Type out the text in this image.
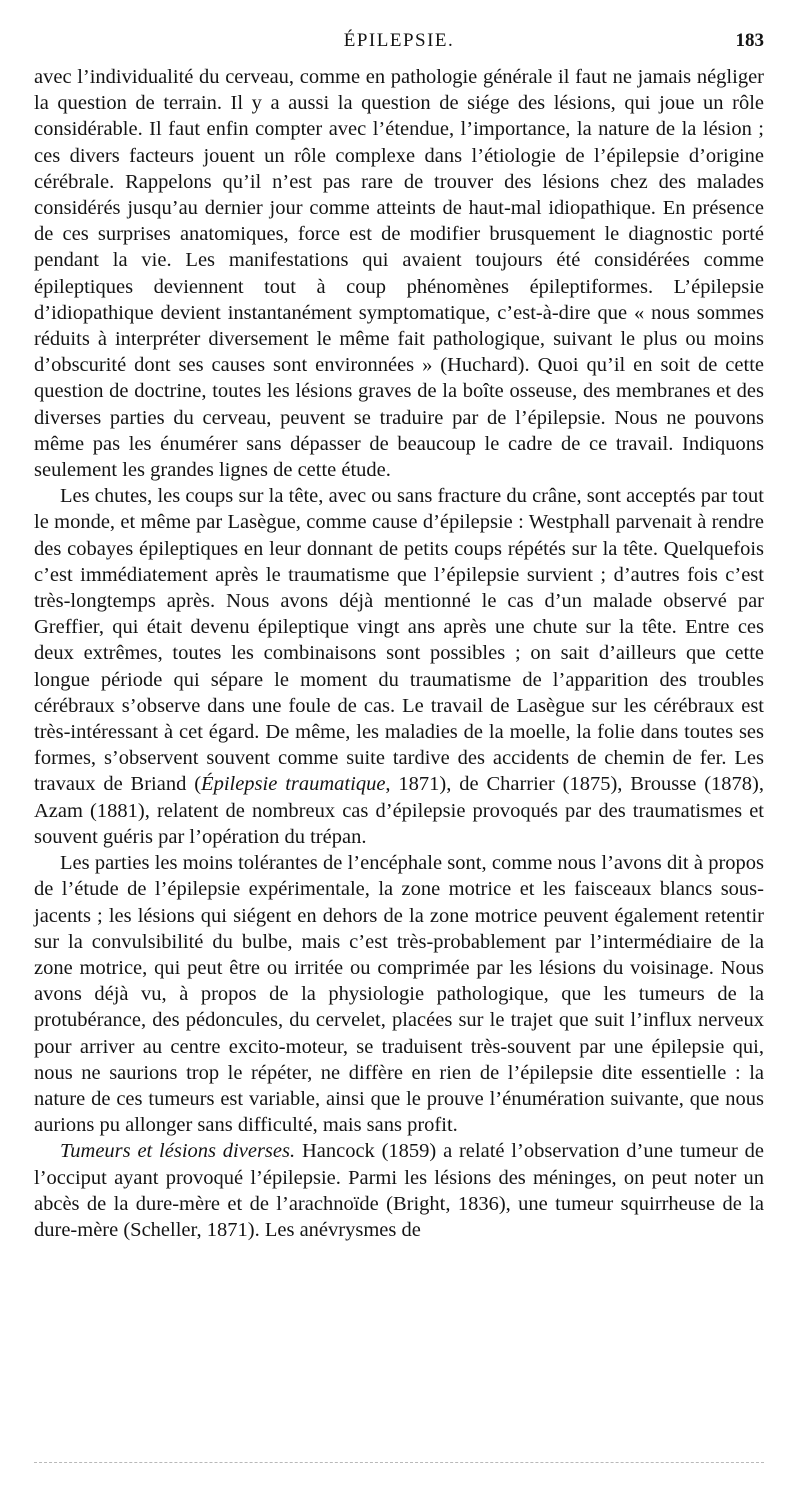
ÉPILEPSIE.	183

avec l’individualité du cerveau, comme en pathologie générale il faut ne jamais négliger la question de terrain. Il y a aussi la question de siége des lésions, qui joue un rôle considérable. Il faut enfin compter avec l’étendue, l’importance, la nature de la lésion ; ces divers facteurs jouent un rôle complexe dans l’étiologie de l’épilepsie d’origine cérébrale. Rappelons qu’il n’est pas rare de trouver des lésions chez des malades considérés jusqu’au dernier jour comme atteints de haut-mal idiopathique. En présence de ces surprises anatomiques, force est de modifier brusquement le diagnostic porté pendant la vie. Les manifestations qui avaient toujours été considérées comme épileptiques deviennent tout à coup phénomènes épileptiformes. L’épilepsie d’idiopathique devient instantanément symptomatique, c’est-à-dire que « nous sommes réduits à interpréter diversement le même fait pathologique, suivant le plus ou moins d’obscurité dont ses causes sont environnées » (Huchard). Quoi qu’il en soit de cette question de doctrine, toutes les lésions graves de la boîte osseuse, des membranes et des diverses parties du cerveau, peuvent se traduire par de l’épilepsie. Nous ne pouvons même pas les énumérer sans dépasser de beaucoup le cadre de ce travail. Indiquons seulement les grandes lignes de cette étude.

Les chutes, les coups sur la tête, avec ou sans fracture du crâne, sont acceptés par tout le monde, et même par Lasègue, comme cause d’épilepsie : Westphall parvenait à rendre des cobayes épileptiques en leur donnant de petits coups répétés sur la tête. Quelquefois c’est immédiatement après le traumatisme que l’épilepsie survient ; d’autres fois c’est très-longtemps après. Nous avons déjà mentionné le cas d’un malade observé par Greffier, qui était devenu épileptique vingt ans après une chute sur la tête. Entre ces deux extrêmes, toutes les combinaisons sont possibles ; on sait d’ailleurs que cette longue période qui sépare le moment du traumatisme de l’apparition des troubles cérébraux s’observe dans une foule de cas. Le travail de Lasègue sur les cérébraux est très-intéressant à cet égard. De même, les maladies de la moelle, la folie dans toutes ses formes, s’observent souvent comme suite tardive des accidents de chemin de fer. Les travaux de Briand (Épilepsie traumatique, 1871), de Charrier (1875), Brousse (1878), Azam (1881), relatent de nombreux cas d’épilepsie provoqués par des traumatismes et souvent guéris par l’opération du trépan.

Les parties les moins tolérantes de l’encéphale sont, comme nous l’avons dit à propos de l’étude de l’épilepsie expérimentale, la zone motrice et les faisceaux blancs sous-jacents ; les lésions qui siégent en dehors de la zone motrice peuvent également retentir sur la convulsibilité du bulbe, mais c’est très-probablement par l’intermédiaire de la zone motrice, qui peut être ou irritée ou comprimée par les lésions du voisinage. Nous avons déjà vu, à propos de la physiologie pathologique, que les tumeurs de la protubérance, des pédoncules, du cervelet, placées sur le trajet que suit l’influx nerveux pour arriver au centre excito-moteur, se traduisent très-souvent par une épilepsie qui, nous ne saurions trop le répéter, ne diffère en rien de l’épilepsie dite essentielle : la nature de ces tumeurs est variable, ainsi que le prouve l’énumération suivante, que nous aurions pu allonger sans difficulté, mais sans profit.

Tumeurs et lésions diverses. Hancock (1859) a relaté l’observation d’une tumeur de l’occiput ayant provoqué l’épilepsie. Parmi les lésions des méninges, on peut noter un abcès de la dure-mère et de l’arachnoïde (Bright, 1836), une tumeur squirrheuse de la dure-mère (Scheller, 1871). Les anévrysmes de
